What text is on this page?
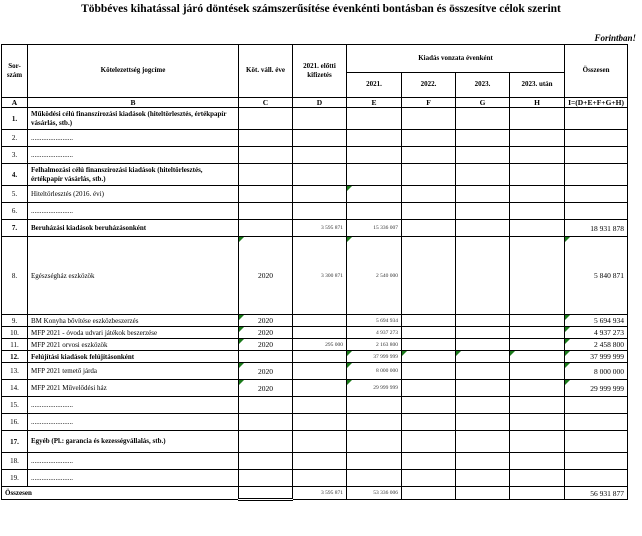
Többéves kihatással járó döntések számszerűsítése évenkénti bontásban és összesítve célok szerint
Forintban!
Sor-szám	Kötelezettség jogcíme	Köt. váll. éve	2021. előtti kifizetés	Kiadás vonzata évenként				Összesen
				2021.	2022.	2023.	2023. után	
A	B	C	D	E	F	G	H	I=(D+E+F+G+H)
1.	Működési célú finanszírozási kiadások (hiteltörlesztés, értékpapír vásárlás, stb.)							
2.	........................							
3.	........................							
4.	Felhalmozási célú finanszírozási kiadások (hiteltörlesztés, értékpapír vásárlás, stb.)							
5.	Hiteltörlesztés (2016. évi)							
6.	........................							
7.	Beruházási kiadások beruházásonként		3 595 871	15 336 007				18 931 878
8.	Egészségház eszközök	2020	3 300 871	2 540 000				5 840 871
9.	BM Konyha bővítése eszközbeszerzés	2020		5 694 934				5 694 934
10.	MFP 2021 - óvoda udvari játékok beszerzése	2020		4 937 273				4 937 273
11.	MFP 2021 orvosi eszközök	2020	295 000	2 163 800				2 458 800
12.	Felújítási kiadások felújításonként			37 999 999				37 999 999
13.	MFP 2021 temető járda	2020		8 000 000				8 000 000
14.	MFP 2021 Művelődési ház	2020		29 999 999				29 999 999
15.	........................							
16.	........................							
17.	Egyéb (Pl.: garancia és kezességvállalás, stb.)							
18.	........................							
19.	........................							
Összesen			3 595 871	53 336 006				56 931 877
